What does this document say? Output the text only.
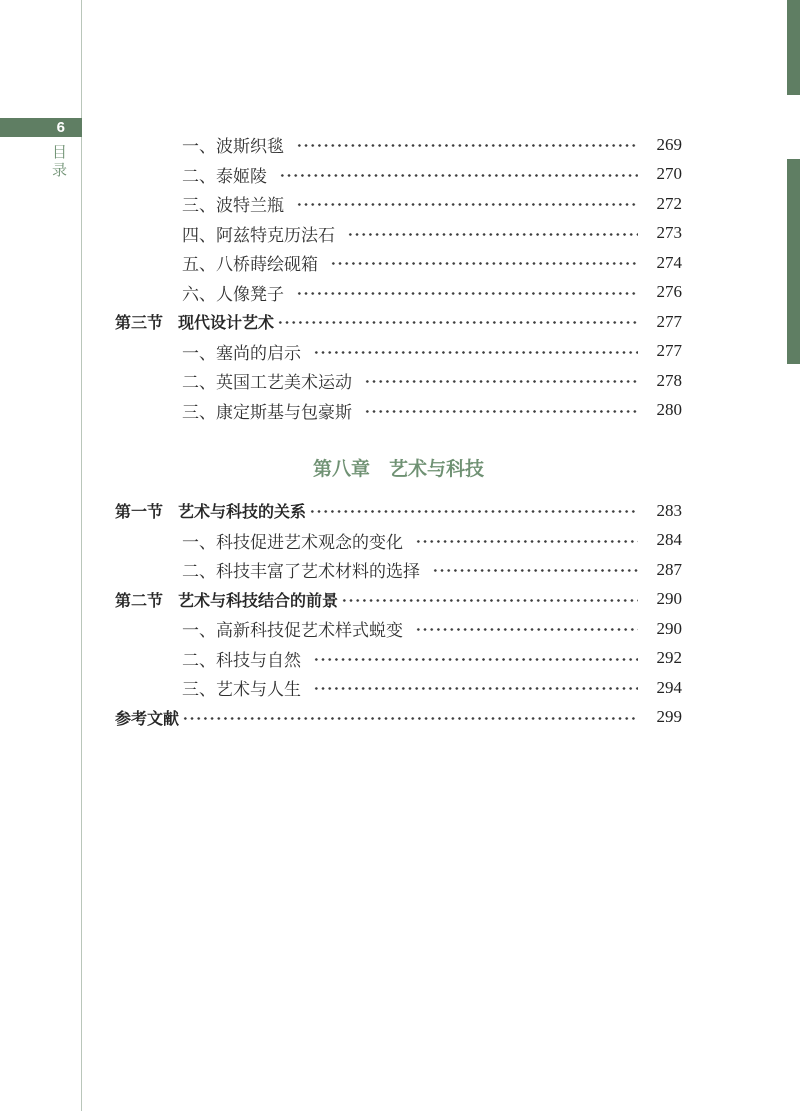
6
目录	一、波斯织毯	269
二、泰姬陵	270
三、波特兰瓶	272
四、阿兹特克历法石	273
五、八桥蒔绘砚箱	274
六、人像凳子	276
第三节 现代设计艺术	277
一、塞尚的启示	277
二、英国工艺美术运动	278
三、康定斯基与包豪斯	280
第八章 艺术与科技
第一节 艺术与科技的关系	283
一、科技促进艺术观念的变化	284
二、科技丰富了艺术材料的选择	287
第二节 艺术与科技结合的前景	290
一、高新科技促艺术样式蜕变	290
二、科技与自然	292
三、艺术与人生	294
参考文献	299
